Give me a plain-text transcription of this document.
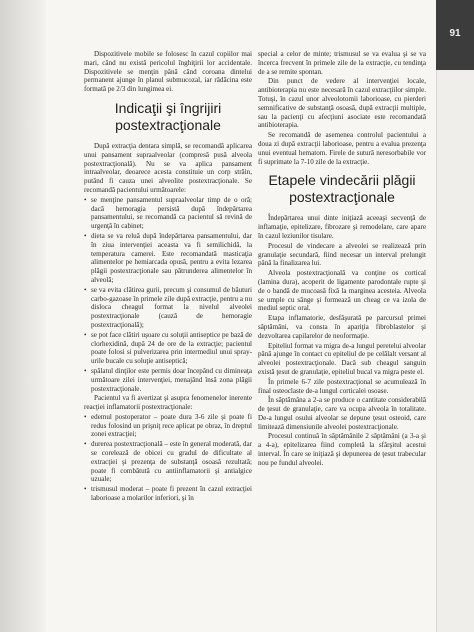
91

Dispozitivele mobile se folosesc în cazul copiilor mai mari, când nu există pericolul înghiţirii lor accidentale. Dispozitivele se menţin până când coroana dintelui permanent ajunge în planul submucozal, iar rădăcina este formată pe 2/3 din lungimea ei.

Indicaţii şi îngrijiri postextracţionale

După extracţia dentara simplă, se recomandă aplicarea unui pansament supraalveolar (compresă pusă alveola postextracţională). Nu se va aplica pansament intraalveolar, deoarece acesta constituie un corp străin, putând fi cauza unei alveolite postextracţionale. Se recomandă pacientului următoarele:

• se menţine pansamentul supraalveolar timp de o oră; dacă hemoragia persistă după îndepărtarea pansamentului, se recomandă ca pacientul să revină de urgenţă în cabinet;
• dieta se va reluă după îndepărtarea pansamentului, dar în ziua intervenţiei aceasta va fi semilichidă, la temperatura camerei. Este recomandată masticaţia alimentelor pe hemiarcada opusă, pentru a evita lezarea plăgii postextracţionale sau pătrunderea alimentelor în alveolă;
• se va evita clătirea gurii, precum şi consumul de băuturi carbo-gazoase în primele zile după extracţie, pentru a nu disloca cheagul format la nivelul alveolei postextracţionale (cauză de hemoragie postextracţională);
• se pot face clătiri uşoare cu soluţii antiseptice pe bază de clorhexidină, după 24 de ore de la extracţie; pacientul poate folosi si pulverizarea prin intermediul unui spray-urile bucale cu soluţie antiseptică;
• spălatul dinţilor este permis doar începând cu dimineaţa următoare zilei intervenţiei, menajând însă zona plăgii postextracţionale.

Pacientul va fi avertizat şi asupra fenomenelor inerente reacţiei inflamatorii postextracţionale:

• edemul postoperator – poate dura 3-6 zile şi poate fi redus folosind un prişniţ rece aplicat pe obraz, în dreptul zonei extracţiei;
• durerea postextracţională – este în general moderată, dar se corelează de obicei cu gradul de dificultate al extracţiei şi prezenţa de substanţă osoasă rezultată; poate fi combătută cu antiinflamatorii şi antialgice uzuale;
• trismusul moderat – poate fi prezent în cazul extracţiei laborioase a molarilor inferiori, şi în

special a celor de minte; trismusul se va evalua şi se va încerca frecvent în primele zile de la extracţie, cu tendinţa de a se remite spontan.

Din punct de vedere al intervenţiei locale, antibioterapia nu este necesară în cazul extracţiilor simple. Totuşi, în cazul unor alveolotomii laborioase, cu pierderi semnificative de substanţă osoasă, după extracţii multiple, sau la pacienţi cu afecţiuni asociate este recomandată antibioterapia.

Se recomandă de asemenea controlul pacientului a doua zi după extracţii laborioase, pentru a evalua prezenţa unui eventual hematom. Firele de sutură neresorbabile vor fi suprimate la 7-10 zile de la extracţie.

Etapele vindecării plăgii postextracţionale

Îndepărtarea unui dinte iniţiază aceeaşi secvenţă de inflamaţie, epitelizare, fibrozare şi remodelare, care apare în cazul leziunilor tisulare.

Procesul de vindecare a alveolei se realizează prin granulaţie secundară, fiind necesar un interval prelungit până la finalizarea lui.

Alveola postextracţională va conţine os cortical (lamina dura), acoperit de ligamente parodontale rupte şi de o bandă de mucoasă fixă la marginea acesteia. Alveola se umple cu sânge şi formează un cheag ce va izola de mediul septic oral.

Etapa inflamatorie, desfăşurată pe parcursul primei săptămâni, va consta în apariţia fibroblastelor şi dezvoltarea capilarelor de neoformaţie.

Epiteliul format va migra de-a lungul peretelui alveolar până ajunge în contact cu epiteliul de pe celălalt versant al alveolei postextracţionale. Dacă sub cheagul sanguin există ţesut de granulaţie, epiteliul bucal va migra peste el.

În primele 6-7 zile postextracţional se acumulează în final osteoclaste de-a lungul corticalei osoase.

În săptămâna a 2-a se produce o cantitate considerabilă de ţesut de granulaţie, care va ocupa alveola în totalitate. De-a lungul osului alveolar se depune ţesut osteoid, care limitează dimensiunile alveolei postextracţionale.

Procesul continuă în săptămânile 2 săptămâni (a 3-a şi a 4-a), epitelizarea fiind completă la sfârşitul acestui interval. În care se iniţiază şi depunerea de ţesut trabecular nou pe fundul alveolei.
